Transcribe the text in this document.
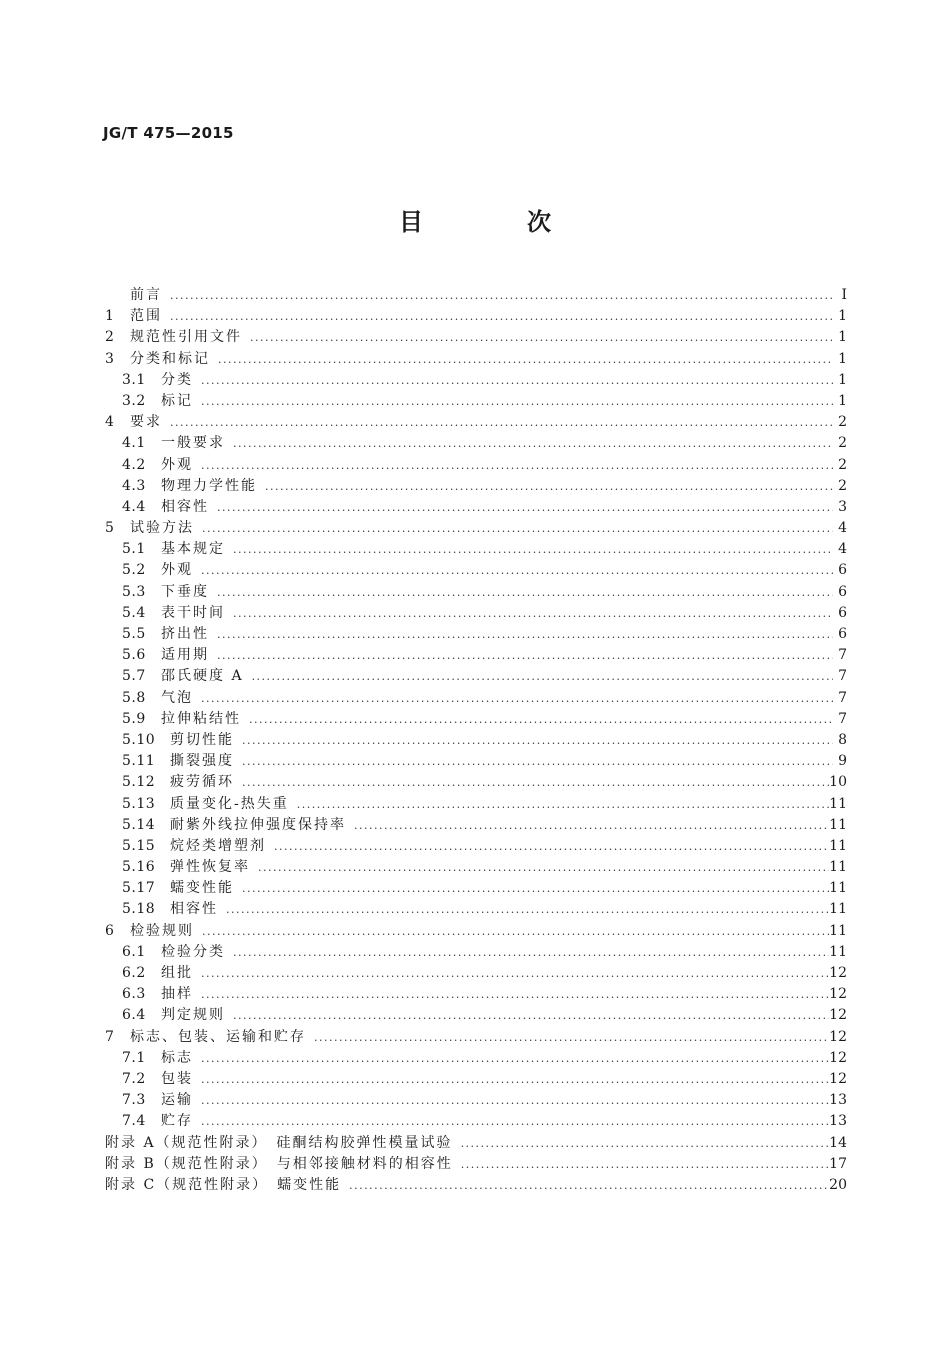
JG/T 475—2015
目　次
前言 .....	Ⅰ
1	范围 .....	1
2	规范性引用文件 .....	1
3	分类和标记 .....	1
3.1	分类 .....	1
3.2	标记 .....	1
4	要求 .....	2
4.1	一般要求 .....	2
4.2	外观 .....	2
4.3	物理力学性能 .....	2
4.4	相容性 .....	3
5	试验方法 .....	4
5.1	基本规定 .....	4
5.2	外观 .....	6
5.3	下垂度 .....	6
5.4	表干时间 .....	6
5.5	挤出性 .....	6
5.6	适用期 .....	7
5.7	邵氏硬度 A .....	7
5.8	气泡 .....	7
5.9	拉伸粘结性 .....	7
5.10	剪切性能 .....	8
5.11	撕裂强度 .....	9
5.12	疲劳循环 .....	10
5.13	质量变化-热失重 .....	11
5.14	耐紫外线拉伸强度保持率 .....	11
5.15	烷烃类增塑剂 .....	11
5.16	弹性恢复率 .....	11
5.17	蠕变性能 .....	11
5.18	相容性 .....	11
6	检验规则 .....	11
6.1	检验分类 .....	11
6.2	组批 .....	12
6.3	抽样 .....	12
6.4	判定规则 .....	12
7	标志、包装、运输和贮存 .....	12
7.1	标志 .....	12
7.2	包装 .....	12
7.3	运输 .....	13
7.4	贮存 .....	13
附录 A（规范性附录）　硅酮结构胶弹性模量试验 .....	14
附录 B（规范性附录）　与相邻接触材料的相容性 .....	17
附录 C（规范性附录）　蠕变性能 .....	20
